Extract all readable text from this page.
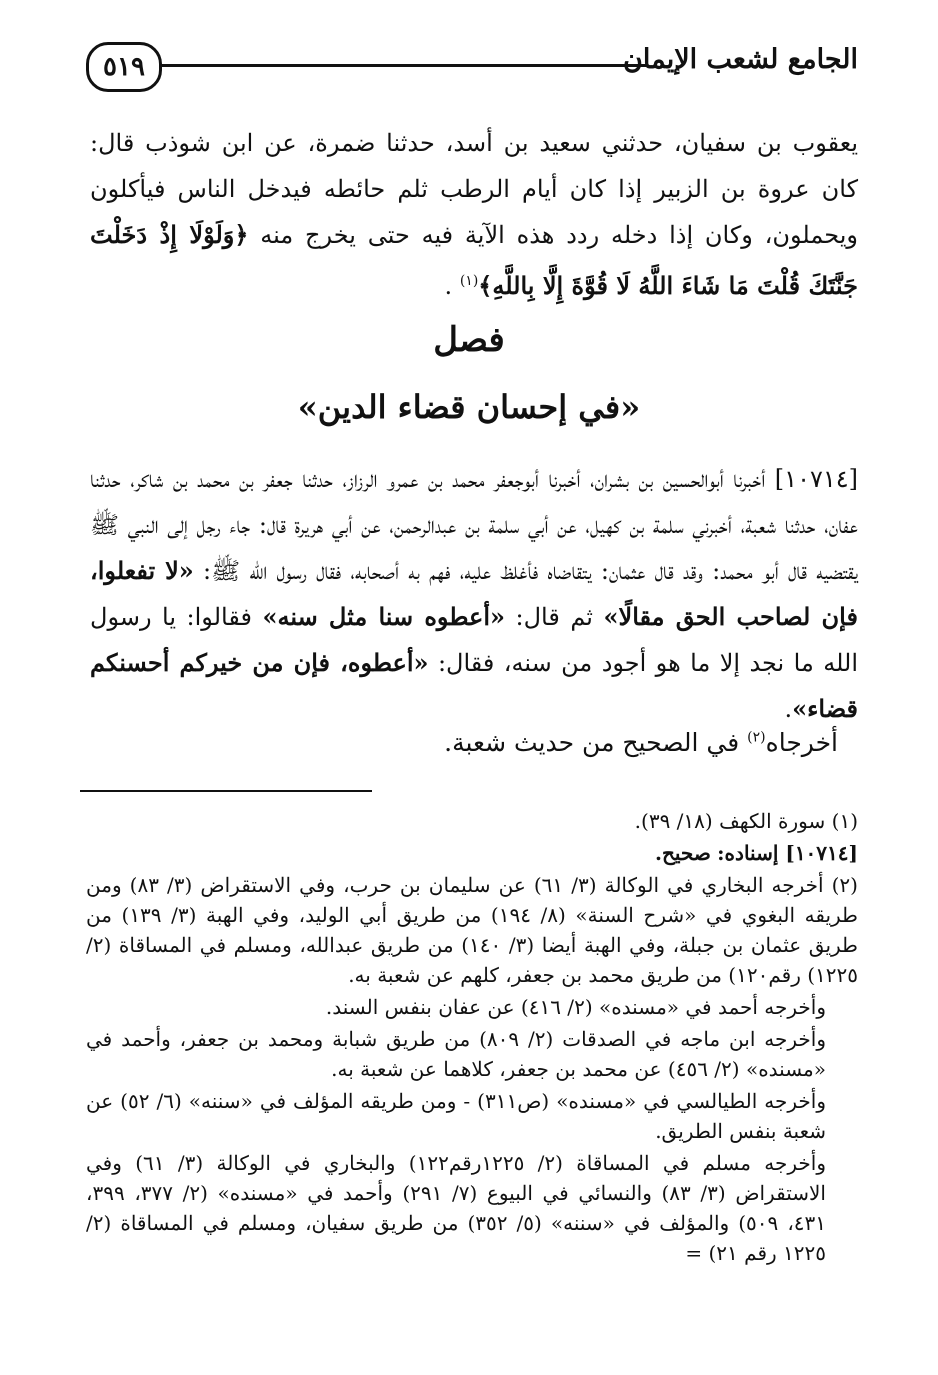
٥١٩	الجامع لشعب الإيمان

يعقوب بن سفيان، حدثني سعيد بن أسد، حدثنا ضمرة، عن ابن شوذب قال: كان عروة بن الزبير إذا كان أيام الرطب ثلم حائطه فيدخل الناس فيأكلون ويحملون، وكان إذا دخله ردد هذه الآية فيه حتى يخرج منه ﴿وَلَوْلَا إِذْ دَخَلْتَ جَنَّتَكَ قُلْتَ مَا شَاءَ اللَّهُ لَا قُوَّةَ إِلَّا بِاللَّهِ﴾$^{(١)}$ .

فصل
«في إحسان قضاء الدين»

[١٠٧١٤] أخبرنا أبوالحسين بن بشران، أخبرنا أبوجعفر محمد بن عمرو الرزاز، حدثنا جعفر بن محمد بن شاكر، حدثنا عفان، حدثنا شعبة، أخبرني سلمة بن كهيل، عن أبي سلمة بن عبدالرحمن، عن أبي هريرة قال: جاء رجل إلى النبي ﷺ يقتضيه قال أبو محمد: وقد قال عثمان: يتقاضاه فأغلظ عليه، فهم به أصحابه، فقال رسول الله ﷺ: «لا تفعلوا، فإن لصاحب الحق مقالًا» ثم قال: «أعطوه سنا مثل سنه» فقالوا: يا رسول الله ما نجد إلا ما هو أجود من سنه، فقال: «أعطوه، فإن من خيركم أحسنكم قضاء».

أخرجاه$^{(٢)}$ في الصحيح من حديث شعبة.

(١) سورة الكهف (١٨/ ٣٩).

[١٠٧١٤] إسناده: صحيح.

(٢) أخرجه البخاري في الوكالة (٣/ ٦١) عن سليمان بن حرب، وفي الاستقراض (٣/ ٨٣) ومن طريقه البغوي في «شرح السنة» (٨/ ١٩٤) من طريق أبي الوليد، وفي الهبة (٣/ ١٣٩) من طريق عثمان بن جبلة، وفي الهبة أيضا (٣/ ١٤٠) من طريق عبدالله، ومسلم في المساقاة (٢/ ١٢٢٥) رقم١٢٠) من طريق محمد بن جعفر، كلهم عن شعبة به.

وأخرجه أحمد في «مسنده» (٢/ ٤١٦) عن عفان بنفس السند.

وأخرجه ابن ماجه في الصدقات (٢/ ٨٠٩) من طريق شبابة ومحمد بن جعفر، وأحمد في «مسنده» (٢/ ٤٥٦) عن محمد بن جعفر، كلاهما عن شعبة به.

وأخرجه الطيالسي في «مسنده» (ص٣١١) - ومن طريقه المؤلف في «سننه» (٦/ ٥٢) عن شعبة بنفس الطريق.

وأخرجه مسلم في المساقاة (٢/ ١٢٢٥رقم١٢٢) والبخاري في الوكالة (٣/ ٦١) وفي الاستقراض (٣/ ٨٣) والنسائي في البيوع (٧/ ٢٩١) وأحمد في «مسنده» (٢/ ٣٧٧، ٣٩٩، ٤٣١، ٥٠٩) والمؤلف في «سننه» (٥/ ٣٥٢) من طريق سفيان، ومسلم في المساقاة (٢/ ١٢٢٥ رقم ٢١) =
